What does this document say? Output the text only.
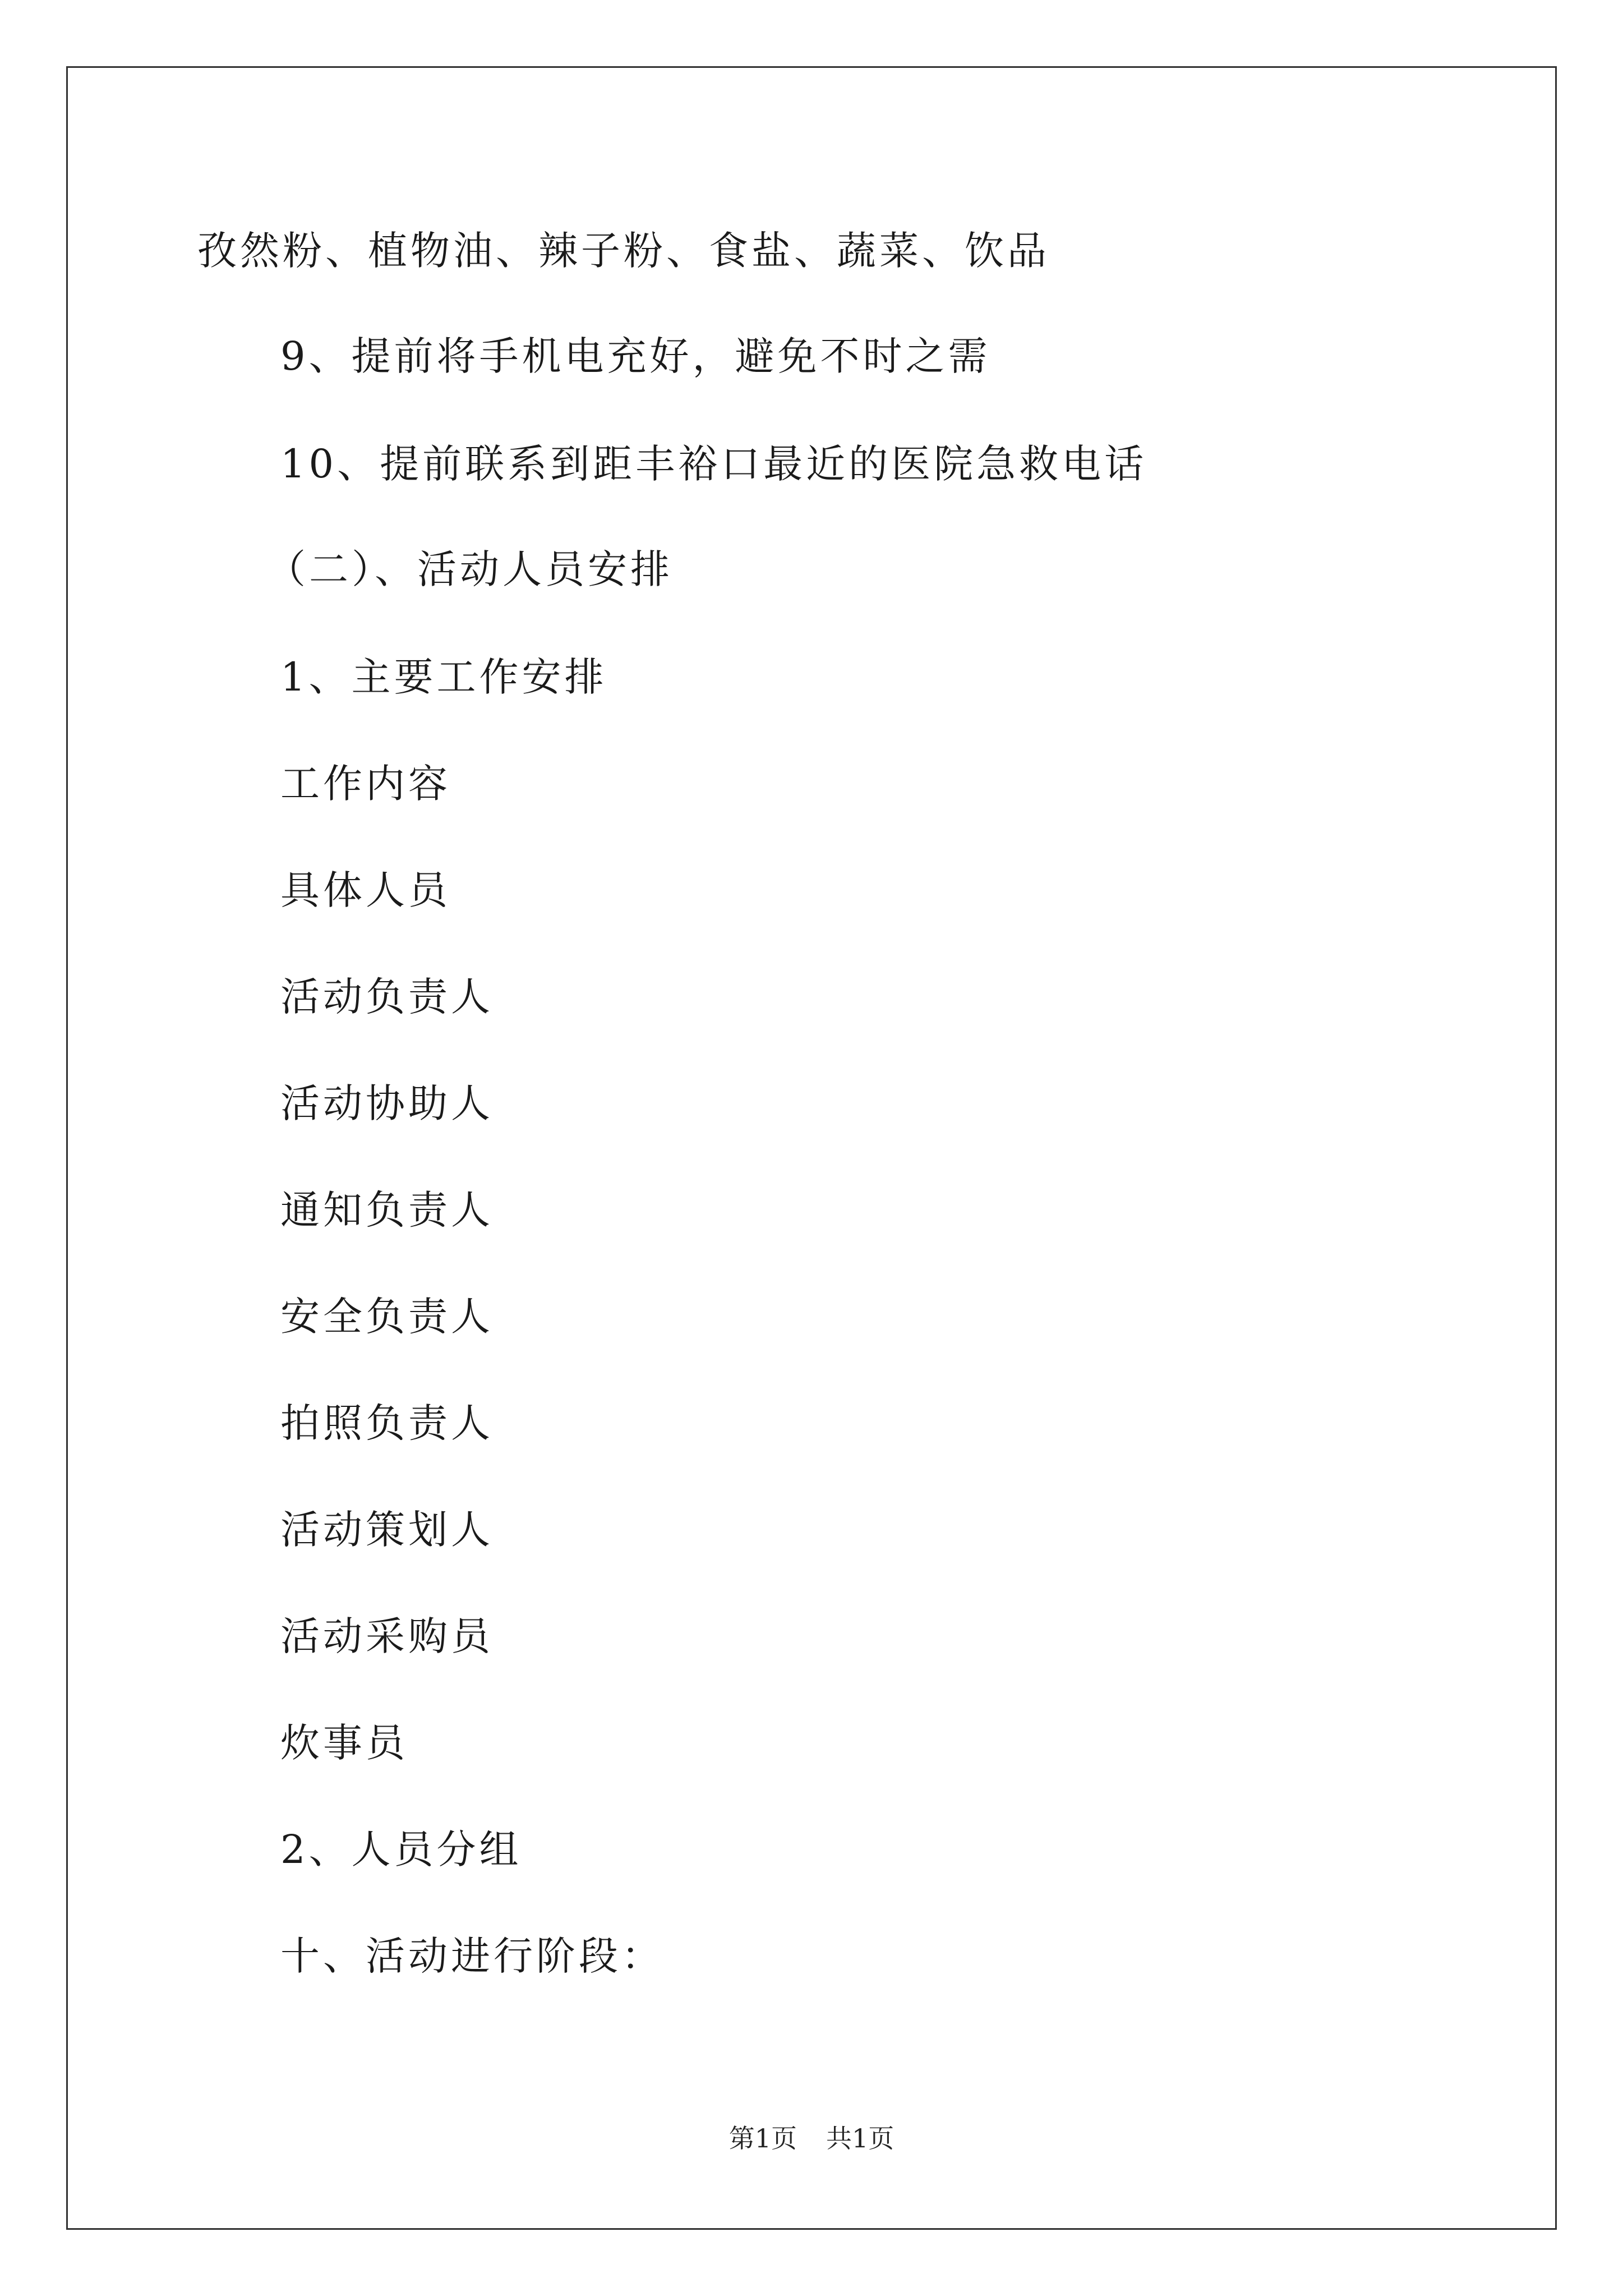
孜然粉、植物油、辣子粉、食盐、蔬菜、饮品
9、提前将手机电充好，避免不时之需
10、提前联系到距丰裕口最近的医院急救电话
（二）、活动人员安排
1、主要工作安排
工作内容
具体人员
活动负责人
活动协助人
通知负责人
安全负责人
拍照负责人
活动策划人
活动采购员
炊事员
2、人员分组
十、活动进行阶段：
第1页 共1页
